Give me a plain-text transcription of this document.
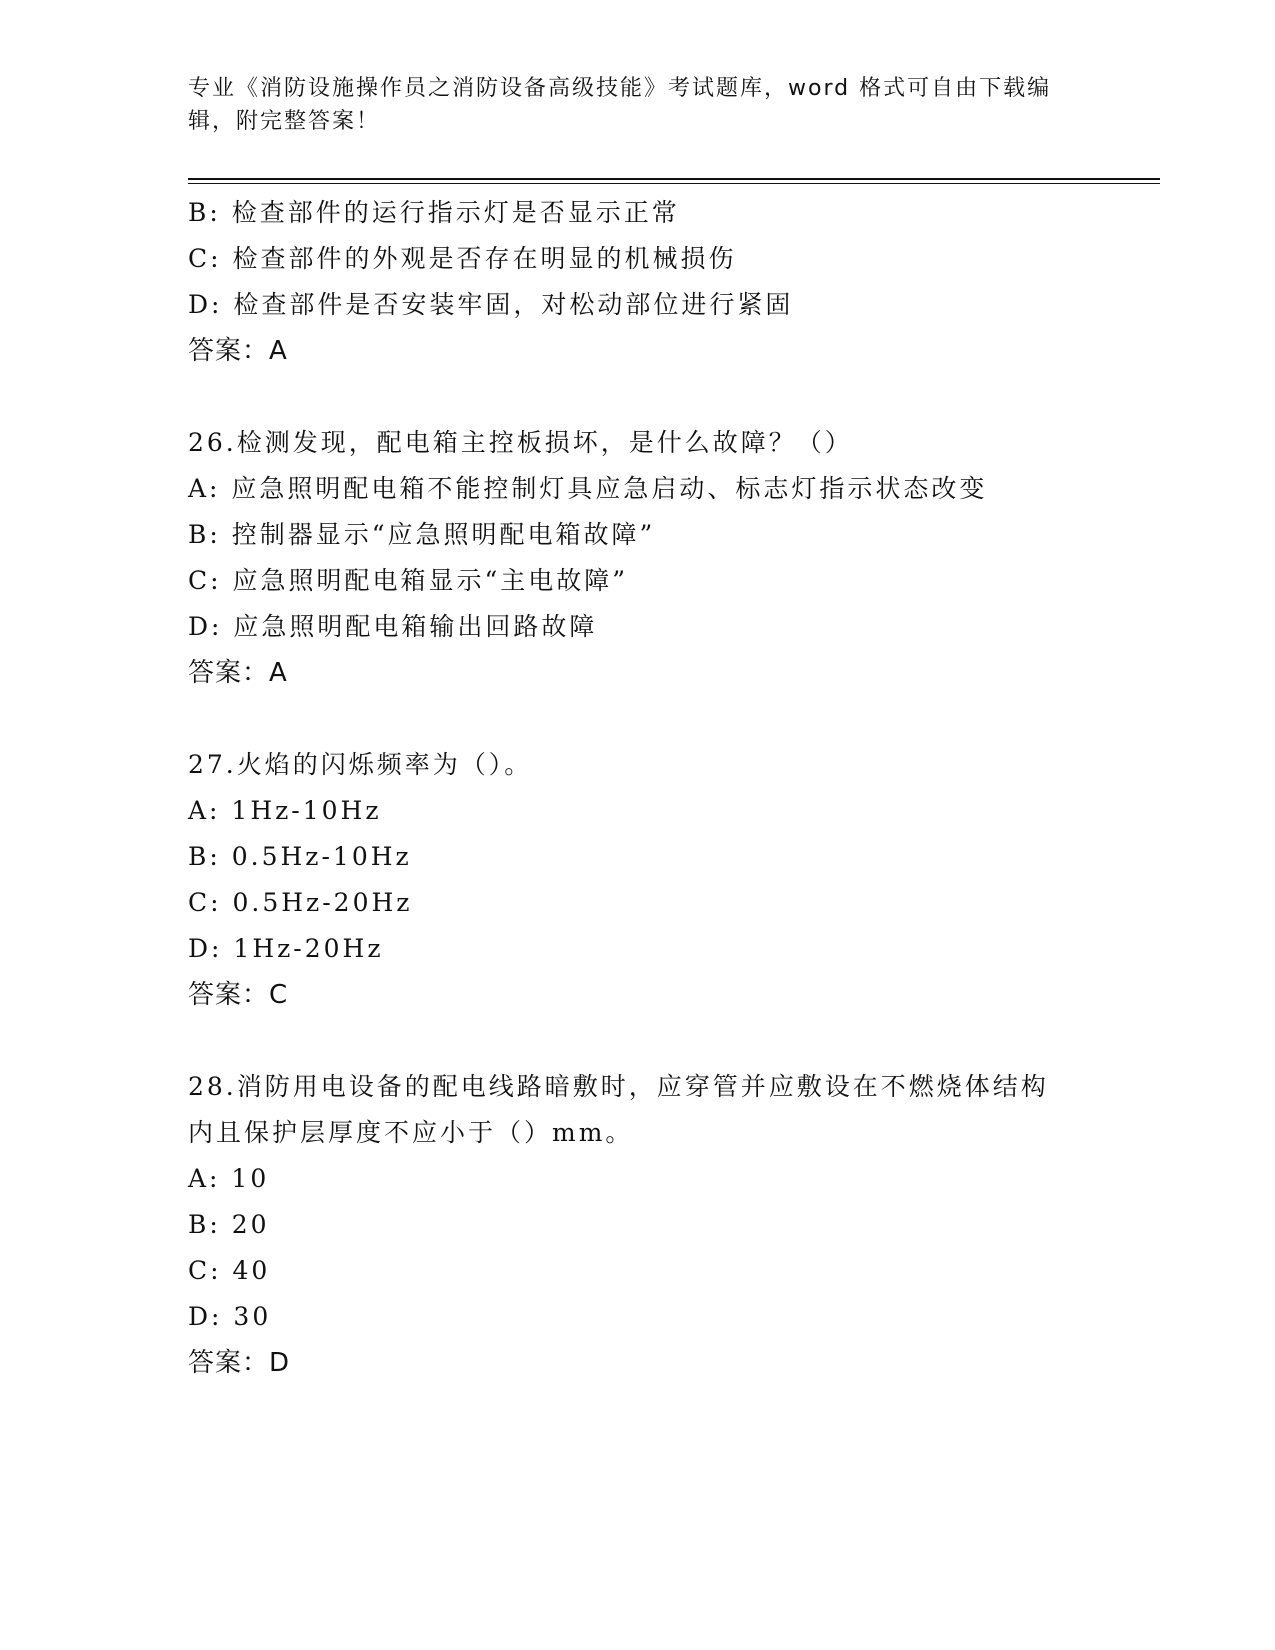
专业《消防设施操作员之消防设备高级技能》考试题库，word 格式可自由下载编
辑，附完整答案！
B: 检查部件的运行指示灯是否显示正常
C: 检查部件的外观是否存在明显的机械损伤
D: 检查部件是否安装牢固，对松动部位进行紧固
答案：A
26.检测发现，配电箱主控板损坏，是什么故障？（）
A: 应急照明配电箱不能控制灯具应急启动、标志灯指示状态改变
B: 控制器显示“应急照明配电箱故障”
C: 应急照明配电箱显示“主电故障”
D: 应急照明配电箱输出回路故障
答案：A
27.火焰的闪烁频率为（）。
A: 1Hz-10Hz
B: 0.5Hz-10Hz
C: 0.5Hz-20Hz
D: 1Hz-20Hz
答案：C
28.消防用电设备的配电线路暗敷时，应穿管并应敷设在不燃烧体结构
内且保护层厚度不应小于（）mm。
A: 10
B: 20
C: 40
D: 30
答案：D
